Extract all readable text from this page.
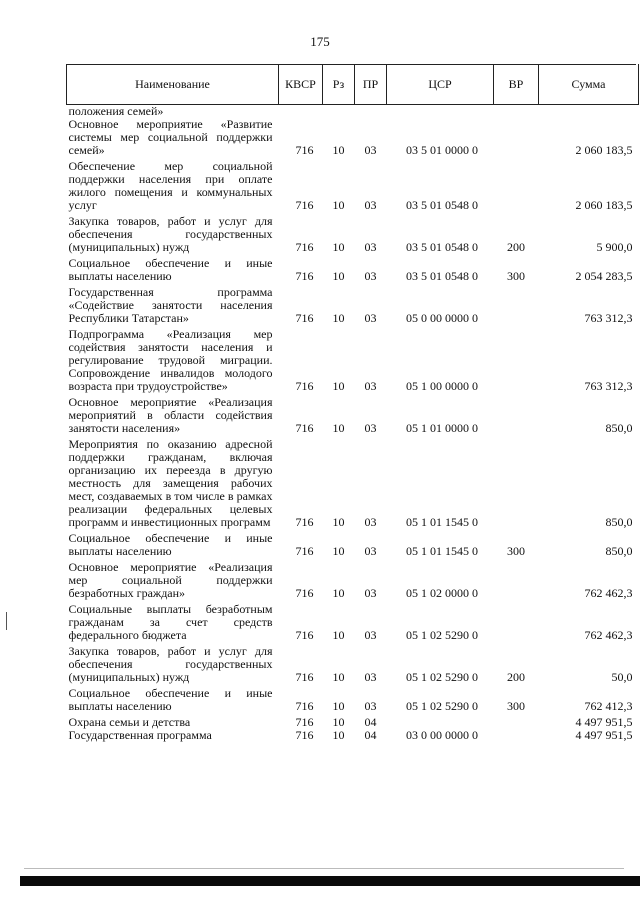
175
Наименование	КВСР	Рз	ПР	ЦСР	ВР	Сумма
положения семей»						
Основное мероприятие «Развитие системы мер социальной поддержки семей»	716	10	03	03 5 01 0000 0		2 060 183,5
Обеспечение мер социальной поддержки населения при оплате жилого помещения и коммунальных услуг	716	10	03	03 5 01 0548 0		2 060 183,5
Закупка товаров, работ и услуг для обеспечения государственных (муниципальных) нужд	716	10	03	03 5 01 0548 0	200	5 900,0
Социальное обеспечение и иные выплаты населению	716	10	03	03 5 01 0548 0	300	2 054 283,5
Государственная программа «Содействие занятости населения Республики Татарстан»	716	10	03	05 0 00 0000 0		763 312,3
Подпрограмма «Реализация мер содействия занятости населения и регулирование трудовой миграции. Сопровождение инвалидов молодого возраста при трудоустройстве»	716	10	03	05 1 00 0000 0		763 312,3
Основное мероприятие «Реализация мероприятий в области содействия занятости населения»	716	10	03	05 1 01 0000 0		850,0
Мероприятия по оказанию адресной поддержки гражданам, включая организацию их переезда в другую местность для замещения рабочих мест, создаваемых в том числе в рамках реализации федеральных целевых программ и инвестиционных программ	716	10	03	05 1 01 1545 0		850,0
Социальное обеспечение и иные выплаты населению	716	10	03	05 1 01 1545 0	300	850,0
Основное мероприятие «Реализация мер социальной поддержки безработных граждан»	716	10	03	05 1 02 0000 0		762 462,3
Социальные выплаты безработным гражданам за счет средств федерального бюджета	716	10	03	05 1 02 5290 0		762 462,3
Закупка товаров, работ и услуг для обеспечения государственных (муниципальных) нужд	716	10	03	05 1 02 5290 0	200	50,0
Социальное обеспечение и иные выплаты населению	716	10	03	05 1 02 5290 0	300	762 412,3
Охрана семьи и детства	716	10	04			4 497 951,5
Государственная программа	716	10	04	03 0 00 0000 0		4 497 951,5
